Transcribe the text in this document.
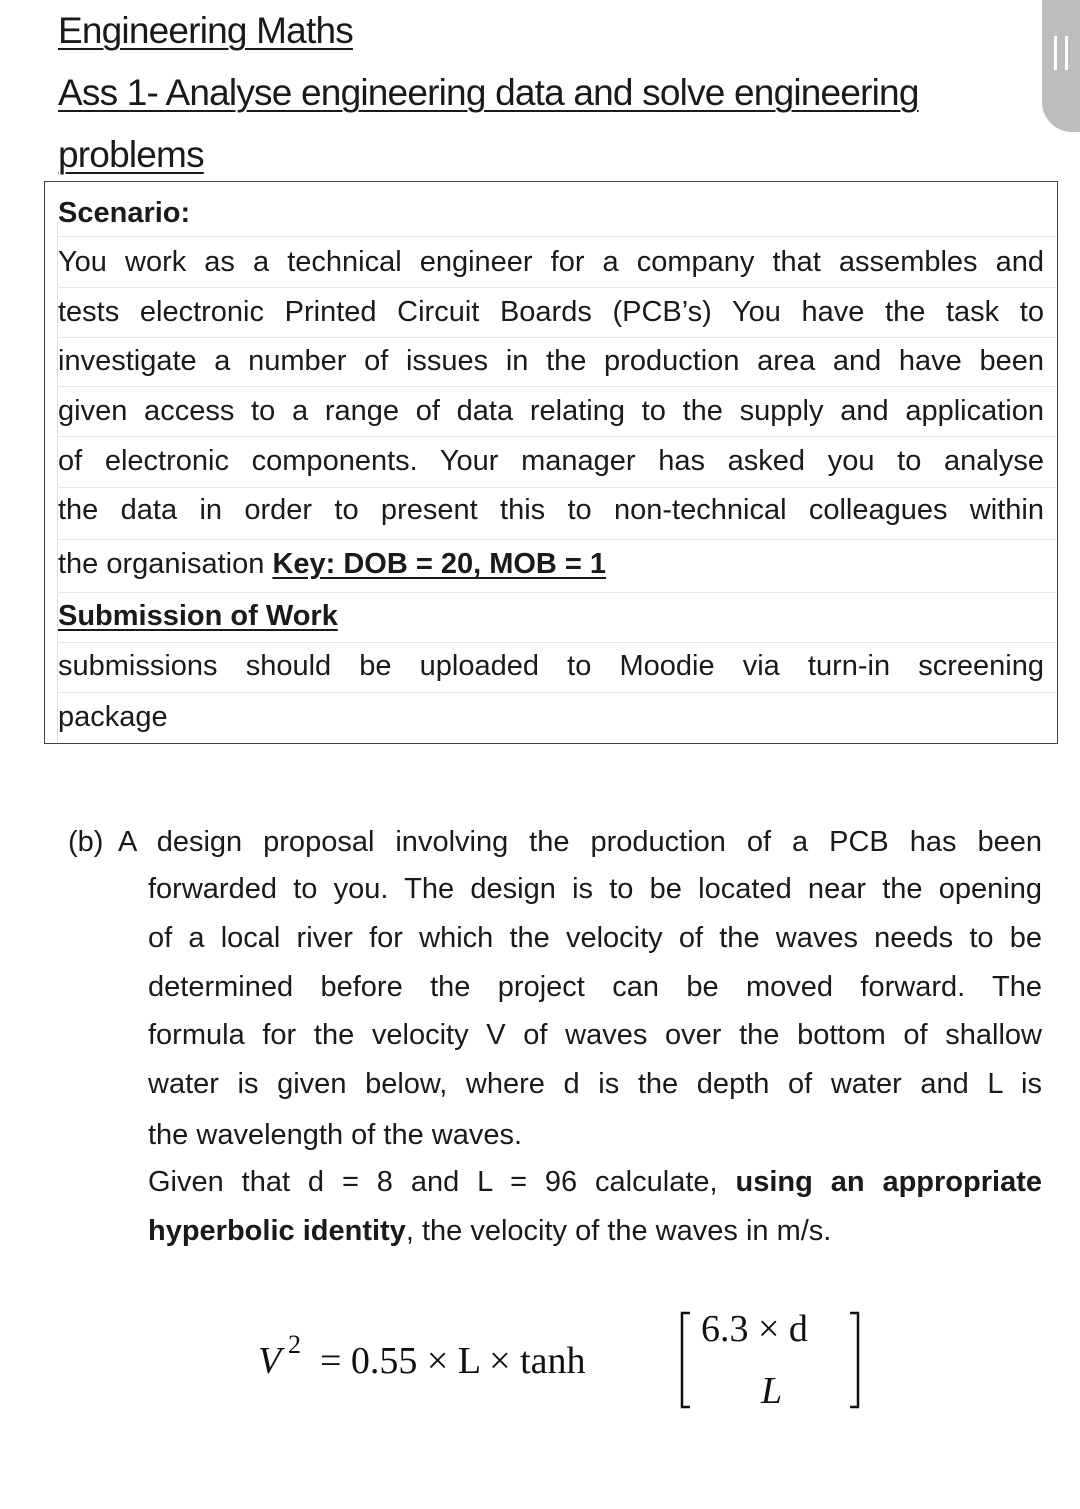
Engineering Maths
Ass 1- Analyse engineering data and solve engineering
problems
Scenario:
You work as a technical engineer for a company that assembles and
tests electronic Printed Circuit Boards (PCB’s) You have the task to
investigate a number of issues in the production area and have been
given access to a range of data relating to the supply and application
of electronic components. Your manager has asked you to analyse
the data in order to present this to non-technical colleagues within
the organisation Key: DOB = 20, MOB = 1
Submission of Work
submissions should be uploaded to Moodie via turn-in screening
package
(b) A design proposal involving the production of a PCB has been
forwarded to you. The design is to be located near the opening
of a local river for which the velocity of the waves needs to be
determined before the project can be moved forward. The
formula for the velocity V of waves over the bottom of shallow
water is given below, where d is the depth of water and L is
the wavelength of the waves.
Given that d = 8 and L = 96 calculate, using an appropriate
hyperbolic identity, the velocity of the waves in m/s.
V 2 = 0.55 × L × tanh
6.3 × d
L
